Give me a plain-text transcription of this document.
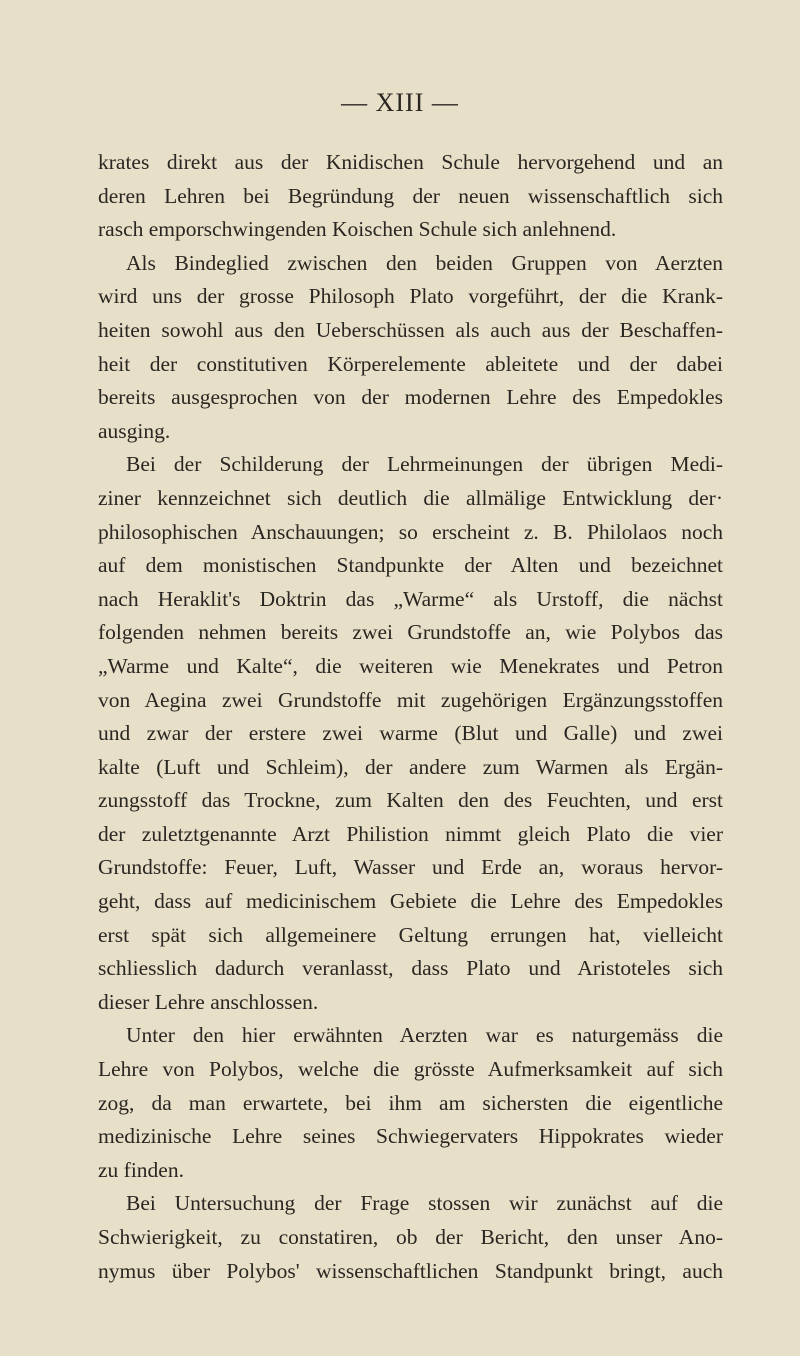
— XIII —
krates direkt aus der Knidischen Schule hervorgehend und an
deren Lehren bei Begründung der neuen wissenschaftlich sich
rasch emporschwingenden Koischen Schule sich anlehnend.
Als Bindeglied zwischen den beiden Gruppen von Aerzten
wird uns der grosse Philosoph Plato vorgeführt, der die Krank-
heiten sowohl aus den Ueberschüssen als auch aus der Beschaffen-
heit der constitutiven Körperelemente ableitete und der dabei
bereits ausgesprochen von der modernen Lehre des Empedokles
ausging.
Bei der Schilderung der Lehrmeinungen der übrigen Medi-
ziner kennzeichnet sich deutlich die allmälige Entwicklung der·
philosophischen Anschauungen; so erscheint z. B. Philolaos noch
auf dem monistischen Standpunkte der Alten und bezeichnet
nach Heraklit's Doktrin das „Warme“ als Urstoff, die nächst
folgenden nehmen bereits zwei Grundstoffe an, wie Polybos das
„Warme und Kalte“, die weiteren wie Menekrates und Petron
von Aegina zwei Grundstoffe mit zugehörigen Ergänzungsstoffen
und zwar der erstere zwei warme (Blut und Galle) und zwei
kalte (Luft und Schleim), der andere zum Warmen als Ergän-
zungsstoff das Trockne, zum Kalten den des Feuchten, und erst
der zuletztgenannte Arzt Philistion nimmt gleich Plato die vier
Grundstoffe: Feuer, Luft, Wasser und Erde an, woraus hervor-
geht, dass auf medicinischem Gebiete die Lehre des Empedokles
erst spät sich allgemeinere Geltung errungen hat, vielleicht
schliesslich dadurch veranlasst, dass Plato und Aristoteles sich
dieser Lehre anschlossen.
Unter den hier erwähnten Aerzten war es naturgemäss die
Lehre von Polybos, welche die grösste Aufmerksamkeit auf sich
zog, da man erwartete, bei ihm am sichersten die eigentliche
medizinische Lehre seines Schwiegervaters Hippokrates wieder
zu finden.
Bei Untersuchung der Frage stossen wir zunächst auf die
Schwierigkeit, zu constatiren, ob der Bericht, den unser Ano-
nymus über Polybos' wissenschaftlichen Standpunkt bringt, auch
